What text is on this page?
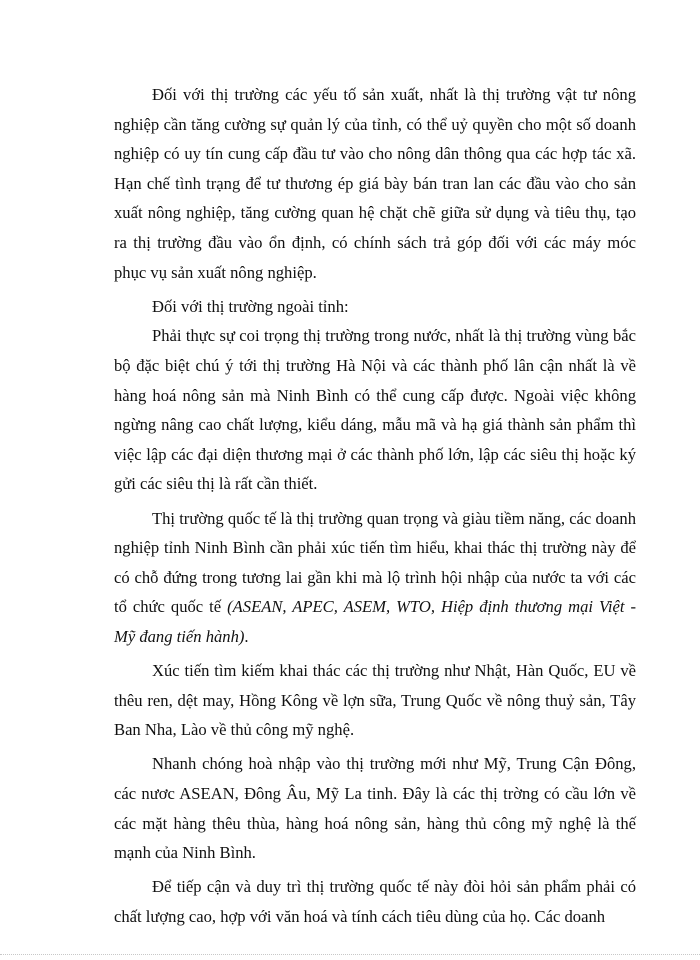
Đối với thị trường các yếu tố sản xuất, nhất là thị trường vật tư nông nghiệp cần tăng cường sự quản lý của tỉnh, có thể uỷ quyền cho một số doanh nghiệp có uy tín cung cấp đầu tư vào cho nông dân thông qua các hợp tác xã. Hạn chế tình trạng để tư thương ép giá bày bán tran lan các đầu vào cho sản xuất nông nghiệp, tăng cường quan hệ chặt chẽ giữa sử dụng và tiêu thụ, tạo ra thị trường đầu vào ổn định, có chính sách trả góp đối với các máy móc phục vụ sản xuất nông nghiệp.

Đối với thị trường ngoài tỉnh:

Phải thực sự coi trọng thị trường trong nước, nhất là thị trường vùng bắc bộ đặc biệt chú ý tới thị trường Hà Nội và các thành phố lân cận nhất là về hàng hoá nông sản mà Ninh Bình có thể cung cấp được. Ngoài việc không ngừng nâng cao chất lượng, kiểu dáng, mẫu mã và hạ giá thành sản phẩm thì việc lập các đại diện thương mại ở các thành phố lớn, lập các siêu thị hoặc ký gửi các siêu thị là rất cần thiết.

Thị trường quốc tế là thị trường quan trọng và giàu tiềm năng, các doanh nghiệp tỉnh Ninh Bình cần phải xúc tiến tìm hiểu, khai thác thị trường này để có chỗ đứng trong tương lai gần khi mà lộ trình hội nhập của nước ta với các tổ chức quốc tế (ASEAN, APEC, ASEM, WTO, Hiệp định thương mại Việt - Mỹ đang tiến hành).

Xúc tiến tìm kiếm khai thác các thị trường như Nhật, Hàn Quốc, EU về thêu ren, dệt may, Hồng Kông về lợn sữa, Trung Quốc về nông thuỷ sản, Tây Ban Nha, Lào về thủ công mỹ nghệ.

Nhanh chóng hoà nhập vào thị trường mới như Mỹ, Trung Cận Đông, các nươc ASEAN, Đông Âu, Mỹ La tinh. Đây là các thị trờng có cầu lớn về các mặt hàng thêu thùa, hàng hoá nông sản, hàng thủ công mỹ nghệ là thế mạnh của Ninh Bình.

Để tiếp cận và duy trì thị trường quốc tế này đòi hỏi sản phẩm phải có chất lượng cao, hợp với văn hoá và tính cách tiêu dùng của họ. Các doanh
